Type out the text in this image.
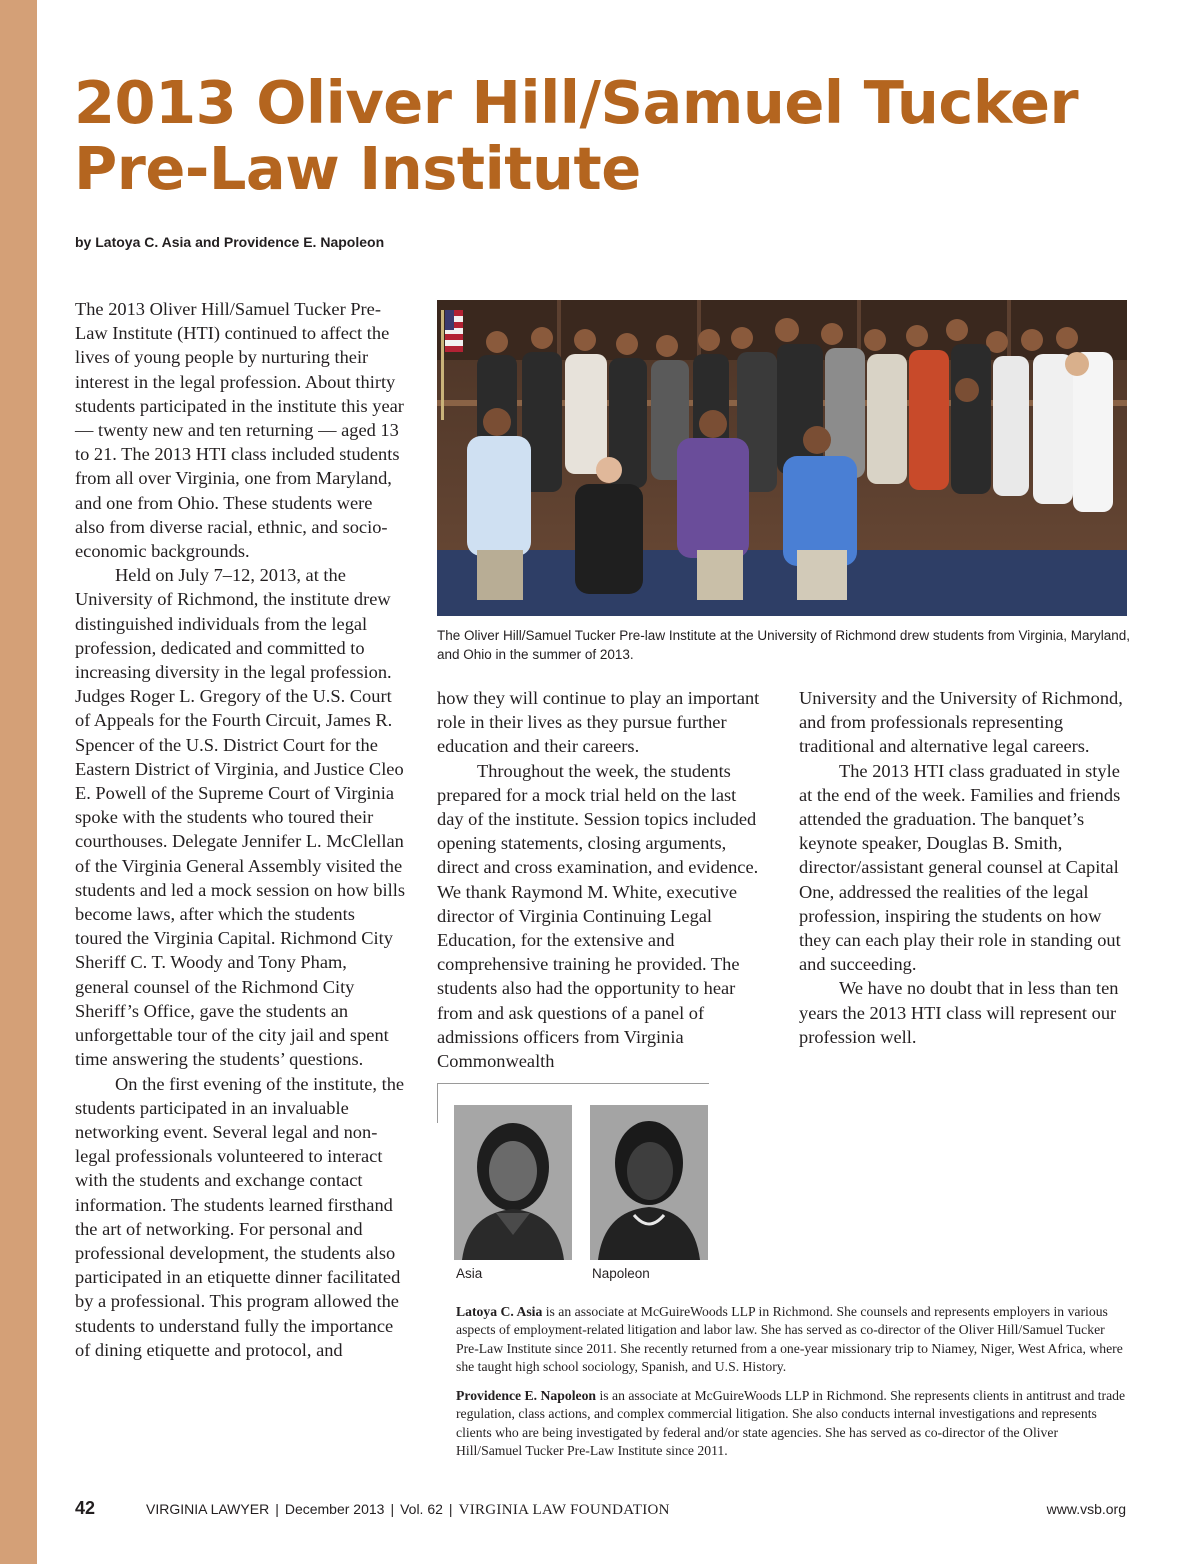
2013 Oliver Hill/Samuel Tucker
Pre-Law Institute
by Latoya C. Asia and Providence E. Napoleon

The 2013 Oliver Hill/Samuel Tucker Pre-Law Institute (HTI) continued to affect the lives of young people by nurturing their interest in the legal profession. About thirty students participated in the institute this year — twenty new and ten returning — aged 13 to 21. The 2013 HTI class included students from all over Virginia, one from Maryland, and one from Ohio. These students were also from diverse racial, ethnic, and socio-economic backgrounds.

Held on July 7–12, 2013, at the University of Richmond, the institute drew distinguished individuals from the legal profession, dedicated and committed to increasing diversity in the legal profession. Judges Roger L. Gregory of the U.S. Court of Appeals for the Fourth Circuit, James R. Spencer of the U.S. District Court for the Eastern District of Virginia, and Justice Cleo E. Powell of the Supreme Court of Virginia spoke with the students who toured their courthouses. Delegate Jennifer L. McClellan of the Virginia General Assembly visited the students and led a mock session on how bills become laws, after which the students toured the Virginia Capital. Richmond City Sheriff C. T. Woody and Tony Pham, general counsel of the Richmond City Sheriff’s Office, gave the students an unforgettable tour of the city jail and spent time answering the students’ questions.

On the first evening of the institute, the students participated in an invaluable networking event. Several legal and non-legal professionals volunteered to interact with the students and exchange contact information. The students learned firsthand the art of networking. For personal and professional development, the students also participated in an etiquette dinner facilitated by a professional. This program allowed the students to understand fully the importance of dining etiquette and protocol, and

The Oliver Hill/Samuel Tucker Pre-law Institute at the University of Richmond drew students from Virginia, Maryland, and Ohio in the summer of 2013.

how they will continue to play an important role in their lives as they pursue further education and their careers.

Throughout the week, the students prepared for a mock trial held on the last day of the institute. Session topics included opening statements, closing arguments, direct and cross examination, and evidence. We thank Raymond M. White, executive director of Virginia Continuing Legal Education, for the extensive and comprehensive training he provided. The students also had the opportunity to hear from and ask questions of a panel of admissions officers from Virginia Commonwealth

University and the University of Richmond, and from professionals representing traditional and alternative legal careers.

The 2013 HTI class graduated in style at the end of the week. Families and friends attended the graduation. The banquet’s keynote speaker, Douglas B. Smith, director/assistant general counsel at Capital One, addressed the realities of the legal profession, inspiring the students on how they can each play their role in standing out and succeeding.

We have no doubt that in less than ten years the 2013 HTI class will represent our profession well.

Asia	Napoleon

Latoya C. Asia is an associate at McGuireWoods LLP in Richmond. She counsels and represents employers in various aspects of employment-related litigation and labor law. She has served as co-director of the Oliver Hill/Samuel Tucker Pre-Law Institute since 2011. She recently returned from a one-year missionary trip to Niamey, Niger, West Africa, where she taught high school sociology, Spanish, and U.S. History.

Providence E. Napoleon is an associate at McGuireWoods LLP in Richmond. She represents clients in antitrust and trade regulation, class actions, and complex commercial litigation. She also conducts internal investigations and represents clients who are being investigated by federal and/or state agencies. She has served as co-director of the Oliver Hill/Samuel Tucker Pre-Law Institute since 2011.

42	VIRGINIA LAWYER | December 2013 | Vol. 62 | VIRGINIA LAW FOUNDATION	www.vsb.org
